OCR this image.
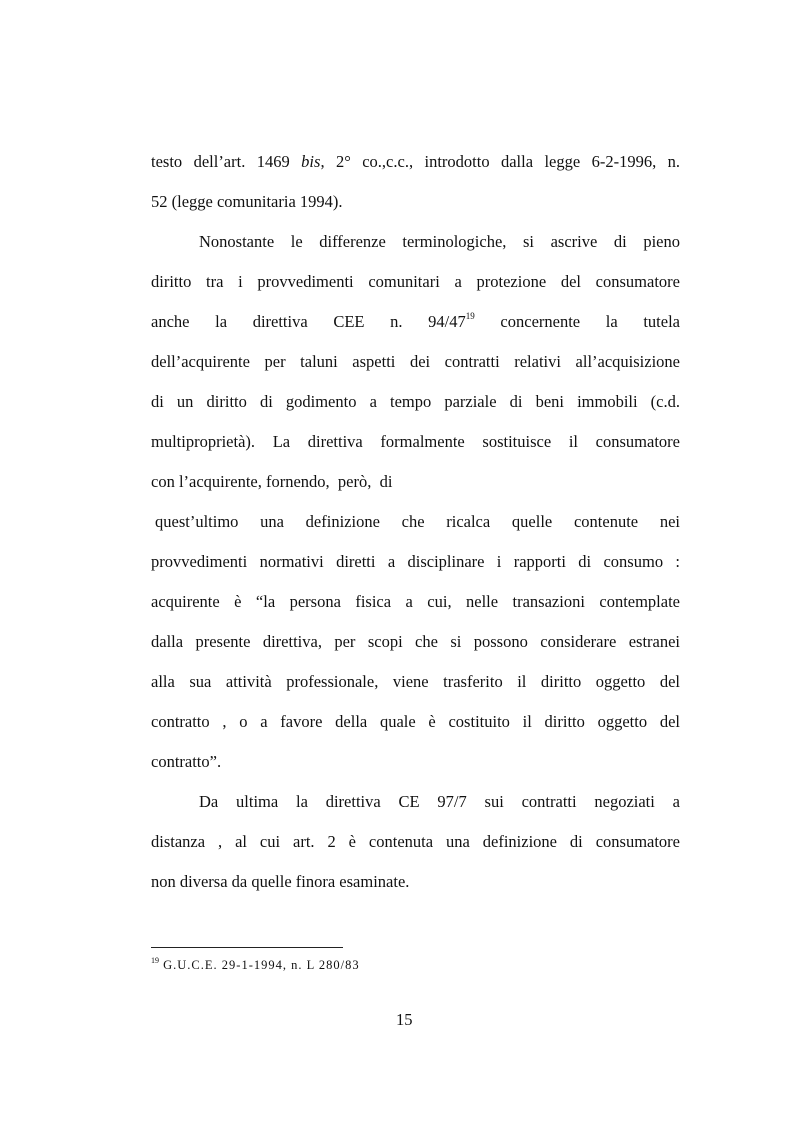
testo dell’art. 1469 bis, 2° co.,c.c., introdotto dalla legge 6-2-1996, n.
52 (legge comunitaria 1994).
Nonostante le differenze terminologiche, si ascrive di pieno
diritto tra i provvedimenti comunitari a protezione del consumatore
anche la direttiva CEE n. $94/47^{19}$ concernente la tutela
dell’acquirente per taluni aspetti dei contratti relativi all’acquisizione
di un diritto di godimento a tempo parziale di beni immobili (c.d.
multiproprietà). La direttiva formalmente sostituisce il consumatore
con l’acquirente, fornendo,  però,  di
quest’ultimo una definizione che ricalca quelle contenute nei
provvedimenti normativi diretti a disciplinare i rapporti di consumo :
acquirente è “la persona fisica a cui, nelle transazioni contemplate
dalla presente direttiva, per scopi che si possono considerare estranei
alla sua attività professionale, viene trasferito il diritto oggetto del
contratto , o a favore della quale è costituito il diritto oggetto del
contratto”.
Da ultima la direttiva CE 97/7 sui contratti negoziati a
distanza , al cui art. 2 è contenuta una definizione di consumatore
non diversa da quelle finora esaminate.
$^{19}$ G.U.C.E. 29-1-1994, n. L 280/83
15
